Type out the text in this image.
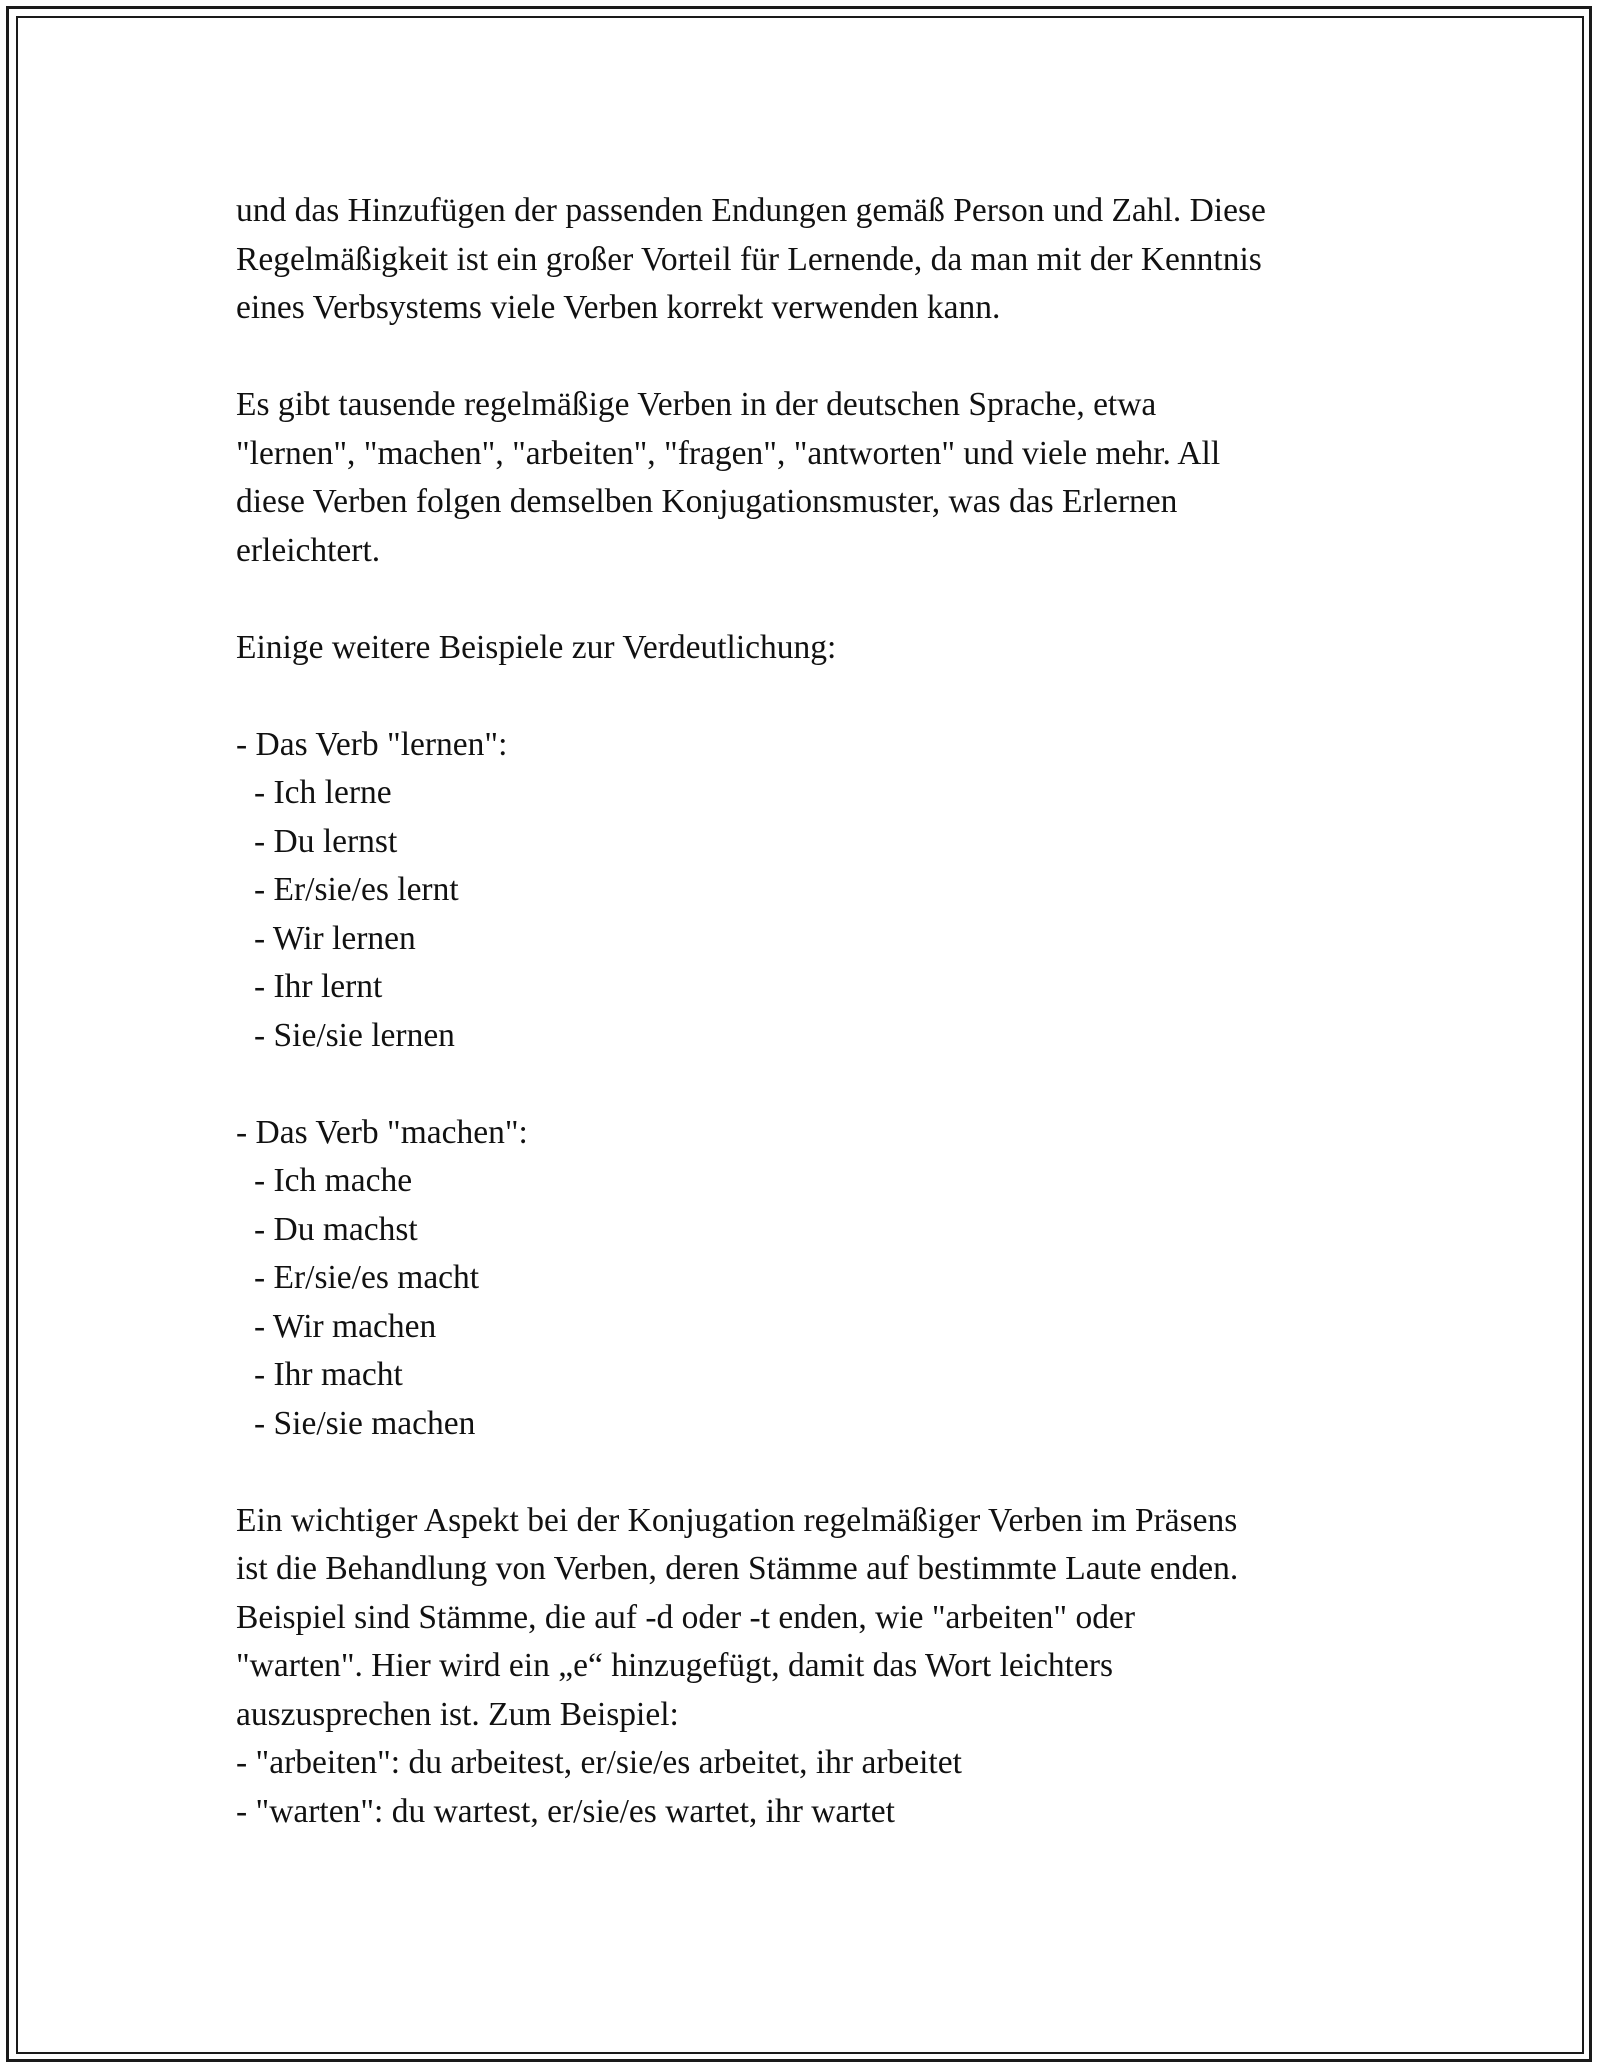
und das Hinzufügen der passenden Endungen gemäß Person und Zahl. Diese
Regelmäßigkeit ist ein großer Vorteil für Lernende, da man mit der Kenntnis
eines Verbsystems viele Verben korrekt verwenden kann.
Es gibt tausende regelmäßige Verben in der deutschen Sprache, etwa
"lernen", "machen", "arbeiten", "fragen", "antworten" und viele mehr. All
diese Verben folgen demselben Konjugationsmuster, was das Erlernen
erleichtert.
Einige weitere Beispiele zur Verdeutlichung:
- Das Verb "lernen":
- Ich lerne
- Du lernst
- Er/sie/es lernt
- Wir lernen
- Ihr lernt
- Sie/sie lernen
- Das Verb "machen":
- Ich mache
- Du machst
- Er/sie/es macht
- Wir machen
- Ihr macht
- Sie/sie machen
Ein wichtiger Aspekt bei der Konjugation regelmäßiger Verben im Präsens
ist die Behandlung von Verben, deren Stämme auf bestimmte Laute enden.
Beispiel sind Stämme, die auf -d oder -t enden, wie "arbeiten" oder
"warten". Hier wird ein „e“ hinzugefügt, damit das Wort leichters
auszusprechen ist. Zum Beispiel:
- "arbeiten": du arbeitest, er/sie/es arbeitet, ihr arbeitet
- "warten": du wartest, er/sie/es wartet, ihr wartet
